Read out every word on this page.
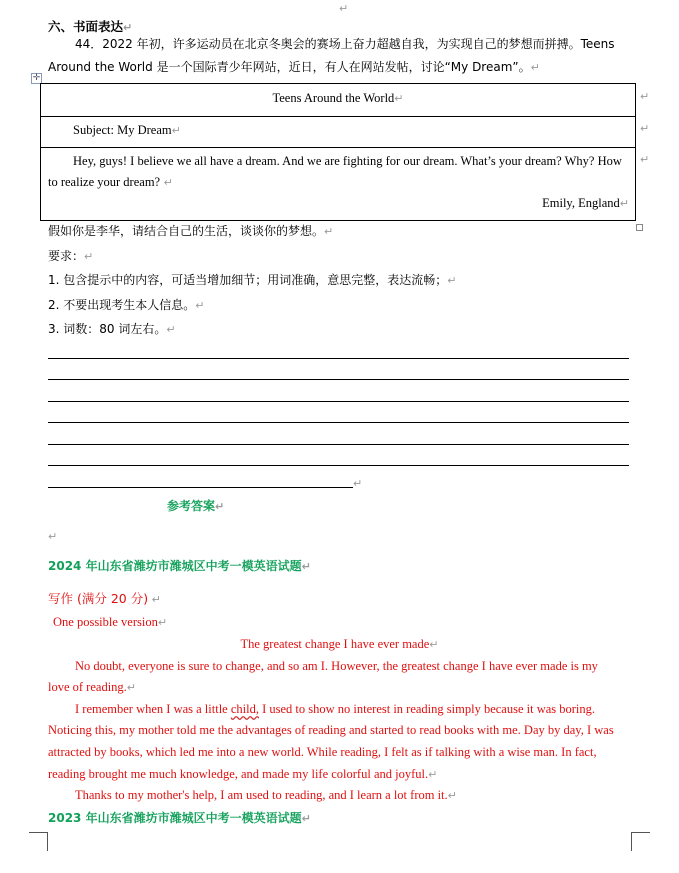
↵
六、书面表达↵
44．2022 年初，许多运动员在北京冬奥会的赛场上奋力超越自我，为实现自己的梦想而拼搏。Teens
✛
Around the World 是一个国际青少年网站，近日，有人在网站发帖，讨论“My Dream”。↵
Teens Around the World↵
Subject: My Dream↵
Hey, guys! I believe we all have a dream. And we are fighting for our dream. What’s your dream? Why? How
to realize your dream? ↵
Emily, England↵
↵
↵
↵
假如你是李华，请结合自己的生活，谈谈你的梦想。↵
要求：↵
1. 包含提示中的内容，可适当增加细节；用词准确，意思完整，表达流畅；↵
2. 不要出现考生本人信息。↵
3. 词数：80 词左右。↵
↵
参考答案↵
↵
2024 年山东省潍坊市潍城区中考一模英语试题↵
写作 (满分 20 分) ↵
One possible version↵
The greatest change I have ever made↵
No doubt, everyone is sure to change, and so am I. However, the greatest change I have ever made is my
love of reading.↵
I remember when I was a little child, I used to show no interest in reading simply because it was boring.
Noticing this, my mother told me the advantages of reading and started to read books with me. Day by day, I was
attracted by books, which led me into a new world. While reading, I felt as if talking with a wise man. In fact,
reading brought me much knowledge, and made my life colorful and joyful.↵
Thanks to my mother's help, I am used to reading, and I learn a lot from it.↵
2023 年山东省潍坊市潍城区中考一模英语试题↵
